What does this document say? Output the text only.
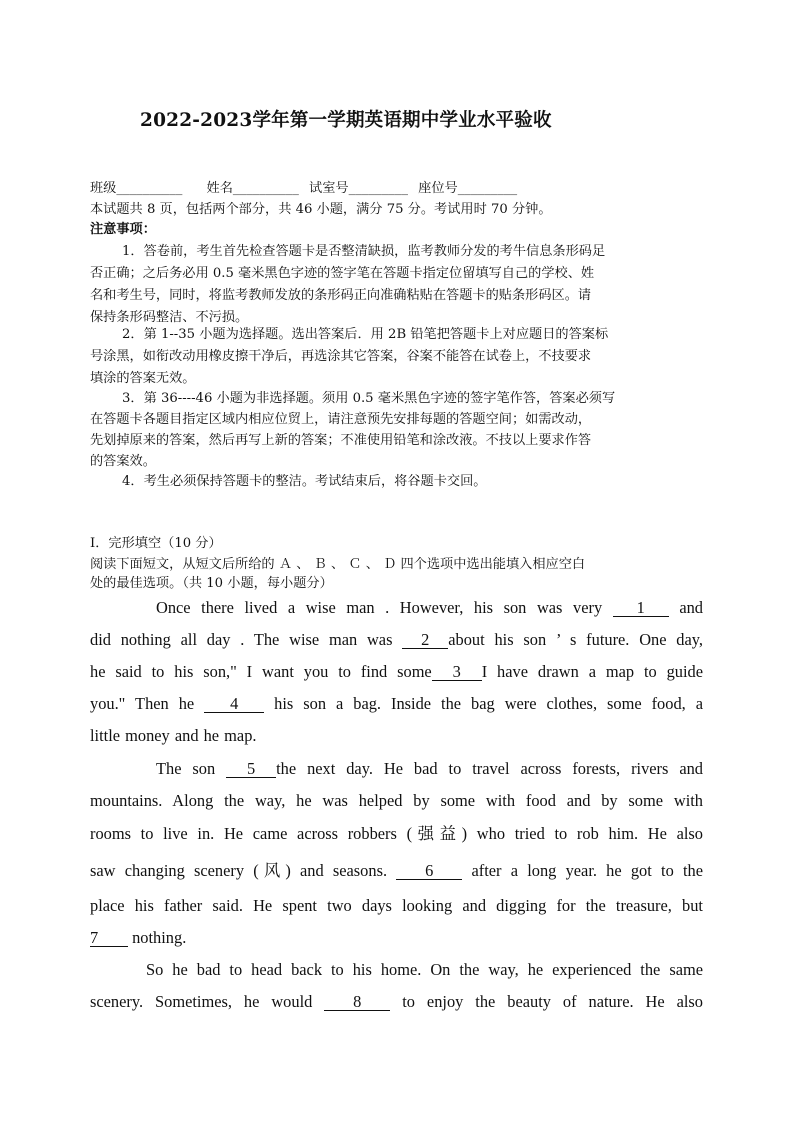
2022-2023学年第一学期英语期中学业水平验收
班级__________ 姓名__________ 试室号_________ 座位号_________
本试题共 8 页，包括两个部分，共 46 小题，满分 75 分。考试用时 70 分钟。
注意事项：
1．答卷前，考生首先检查答题卡是否整清缺损，监考教师分发的考牛信息条形码足
否正确；之后务必用 0.5 毫米黑色字迹的签字笔在答题卡指定位留填写自己的学校、姓
名和考生号，同时，将监考教师发放的条形码正向准确粘贴在答题卡的贴条形码区。请
保持条形码整洁、不污损。
2．第 1--35 小题为选择题。选出答案后．用 2B 铅笔把答题卡上对应题日的答案标
号涂黑，如衔改动用橡皮擦干净后，再选涂其它答案，谷案不能答在试卷上，不技要求
填涂的答案无效。
3．第 36----46 小题为非选择题。须用 0.5 毫米黑色字迹的签字笔作答，答案必须写
在答题卡各题目指定区域内相应位贸上，请注意预先安排每题的答题空间；如需改动，
先划掉原来的答案，然后再写上新的答案；不准使用铅笔和涂改液。不技以上要求作答
的答案效。
4．考生必须保持答题卡的整洁。考试结束后，将谷题卡交回。
Ⅰ．完形填空（10 分）
阅读下面短文，从短文后所给的 Ａ 、 Ｂ 、 Ｃ 、 Ｄ 四个选项中选出能填入相应空白
处的最佳选项。（共 10 小题，每小题分）
Once there lived a wise man . However, his son was very 1 and
did nothing all day . The wise man was 2 about his son ’ s future. One day,
he said to his son," I want you to find some 3 I have drawn a map to guide
you." Then he 4 his son a bag. Inside the bag were clothes, some food, a
little money and he map.
The son 5 the next day. He bad to travel across forests, rivers and
mountains. Along the way, he was helped by some with food and by some with
rooms to live in. He came across robbers (强益) who tried to rob him. He also
saw changing scenery (风) and seasons. 6 after a long year. he got to the
place his father said. He spent two days looking and digging for the treasure, but
7 nothing.
So he bad to head back to his home. On the way, he experienced the same
scenery. Sometimes, he would 8 to enjoy the beauty of nature. He also
